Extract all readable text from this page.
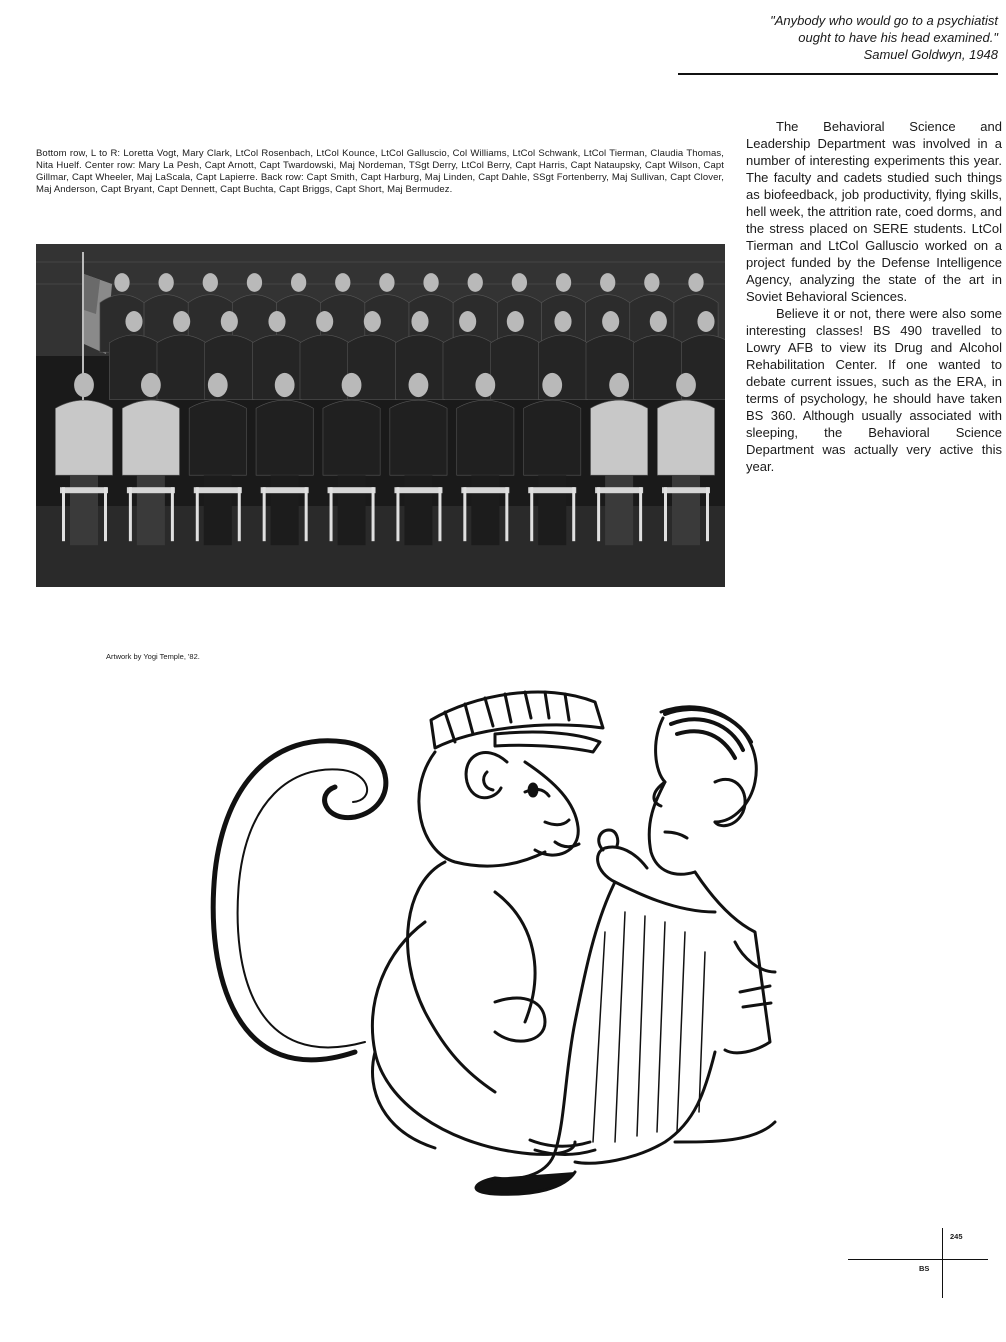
"Anybody who would go to a psychiatist
ought to have his head examined."
Samuel Goldwyn, 1948

Bottom row, L to R: Loretta Vogt, Mary Clark, LtCol Rosenbach, LtCol Kounce, LtCol Galluscio, Col Williams, LtCol Schwank, LtCol Tierman, Claudia Thomas, Nita Huelf. Center row: Mary La Pesh, Capt Arnott, Capt Twardowski, Maj Nordeman, TSgt Derry, LtCol Berry, Capt Harris, Capt Nataupsky, Capt Wilson, Capt Gillmar, Capt Wheeler, Maj LaScala, Capt Lapierre. Back row: Capt Smith, Capt Harburg, Maj Linden, Capt Dahle, SSgt Fortenberry, Maj Sullivan, Capt Clover, Maj Anderson, Capt Bryant, Capt Dennett, Capt Buchta, Capt Briggs, Capt Short, Maj Bermudez.

The Behavioral Science and Leadership Department was involved in a number of interesting experiments this year. The faculty and cadets studied such things as biofeedback, job productivity, flying skills, hell week, the attrition rate, coed dorms, and the stress placed on SERE students. LtCol Tierman and LtCol Galluscio worked on a project funded by the Defense Intelligence Agency, analyzing the state of the art in Soviet Behavioral Sciences.

Believe it or not, there were also some interesting classes! BS 490 travelled to Lowry AFB to view its Drug and Alcohol Rehabilitation Center. If one wanted to debate current issues, such as the ERA, in terms of psychology, he should have taken BS 360. Although usually associated with sleeping, the Behavioral Science Department was actually very active this year.

Artwork by Yogi Temple, '82.
245
BS
